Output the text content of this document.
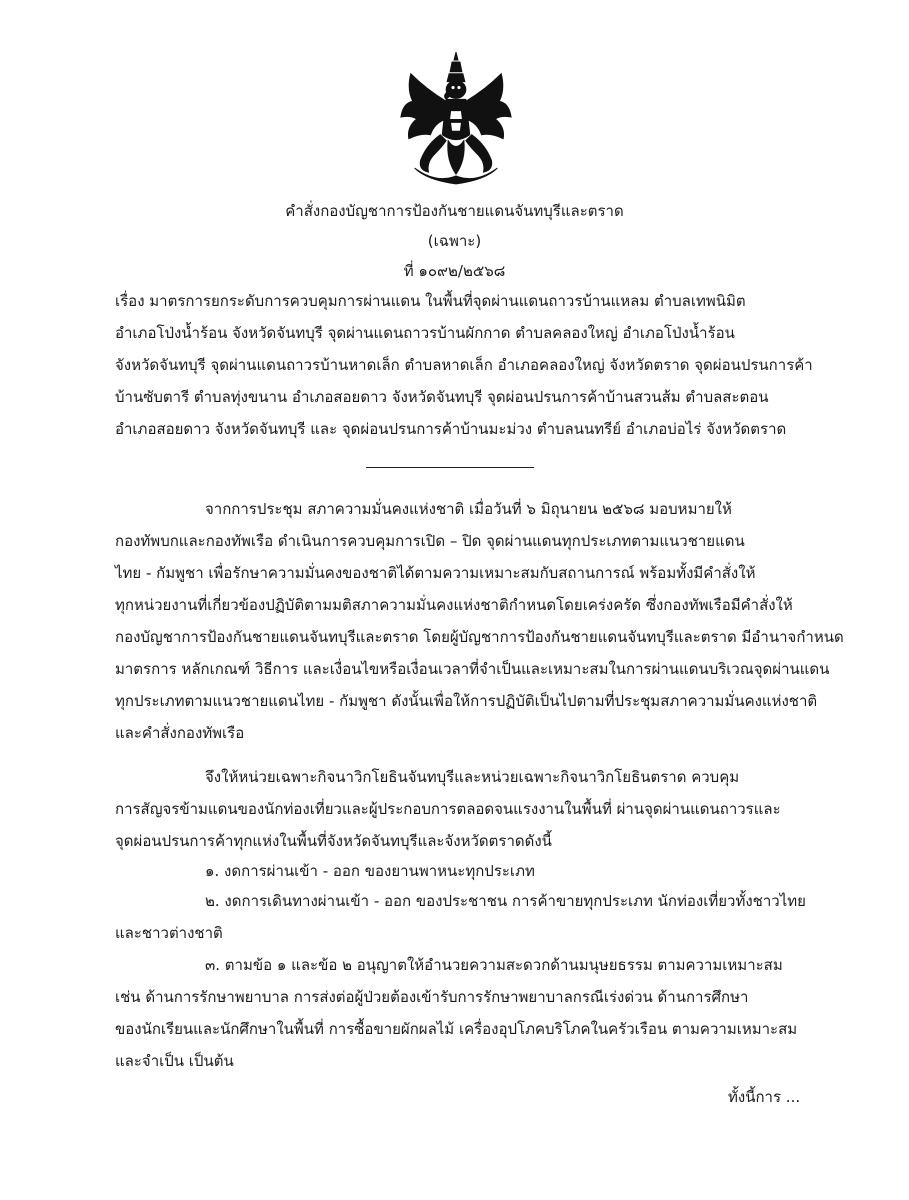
คำสั่งกองบัญชาการป้องกันชายแดนจันทบุรีและตราด
(เฉพาะ)
ที่ ๑๐๙๒/๒๕๖๘
เรื่อง มาตรการยกระดับการควบคุมการผ่านแดน ในพื้นที่จุดผ่านแดนถาวรบ้านแหลม ตำบลเทพนิมิต
อำเภอโป่งน้ำร้อน จังหวัดจันทบุรี จุดผ่านแดนถาวรบ้านผักกาด ตำบลคลองใหญ่ อำเภอโป่งน้ำร้อน
จังหวัดจันทบุรี จุดผ่านแดนถาวรบ้านหาดเล็ก ตำบลหาดเล็ก อำเภอคลองใหญ่ จังหวัดตราด จุดผ่อนปรนการค้า
บ้านซับตารี ตำบลทุ่งขนาน อำเภอสอยดาว จังหวัดจันทบุรี จุดผ่อนปรนการค้าบ้านสวนส้ม ตำบลสะตอน
อำเภอสอยดาว จังหวัดจันทบุรี และ จุดผ่อนปรนการค้าบ้านมะม่วง ตำบลนนทรีย์ อำเภอบ่อไร่ จังหวัดตราด
จากการประชุม สภาความมั่นคงแห่งชาติ เมื่อวันที่ ๖ มิถุนายน ๒๕๖๘ มอบหมายให้
กองทัพบกและกองทัพเรือ ดำเนินการควบคุมการเปิด – ปิด จุดผ่านแดนทุกประเภทตามแนวชายแดน
ไทย - กัมพูชา เพื่อรักษาความมั่นคงของชาติได้ตามความเหมาะสมกับสถานการณ์ พร้อมทั้งมีคำสั่งให้
ทุกหน่วยงานที่เกี่ยวข้องปฏิบัติตามมติสภาความมั่นคงแห่งชาติกำหนดโดยเคร่งครัด ซึ่งกองทัพเรือมีคำสั่งให้
กองบัญชาการป้องกันชายแดนจันทบุรีและตราด โดยผู้บัญชาการป้องกันชายแดนจันทบุรีและตราด มีอำนาจกำหนด
มาตรการ หลักเกณฑ์ วิธีการ และเงื่อนไขหรือเงื่อนเวลาที่จำเป็นและเหมาะสมในการผ่านแดนบริเวณจุดผ่านแดน
ทุกประเภทตามแนวชายแดนไทย - กัมพูชา ดังนั้นเพื่อให้การปฏิบัติเป็นไปตามที่ประชุมสภาความมั่นคงแห่งชาติ
และคำสั่งกองทัพเรือ
จึงให้หน่วยเฉพาะกิจนาวิกโยธินจันทบุรีและหน่วยเฉพาะกิจนาวิกโยธินตราด ควบคุม
การสัญจรข้ามแดนของนักท่องเที่ยวและผู้ประกอบการตลอดจนแรงงานในพื้นที่ ผ่านจุดผ่านแดนถาวรและ
จุดผ่อนปรนการค้าทุกแห่งในพื้นที่จังหวัดจันทบุรีและจังหวัดตราดดังนี้
๑. งดการผ่านเข้า - ออก ของยานพาหนะทุกประเภท
๒. งดการเดินทางผ่านเข้า - ออก ของประชาชน การค้าขายทุกประเภท นักท่องเที่ยวทั้งชาวไทย
และชาวต่างชาติ
๓. ตามข้อ ๑ และข้อ ๒ อนุญาตให้อำนวยความสะดวกด้านมนุษยธรรม ตามความเหมาะสม
เช่น ด้านการรักษาพยาบาล การส่งต่อผู้ป่วยต้องเข้ารับการรักษาพยาบาลกรณีเร่งด่วน ด้านการศึกษา
ของนักเรียนและนักศึกษาในพื้นที่ การซื้อขายผักผลไม้ เครื่องอุปโภคบริโภคในครัวเรือน ตามความเหมาะสม
และจำเป็น เป็นต้น
ทั้งนี้การ ...
